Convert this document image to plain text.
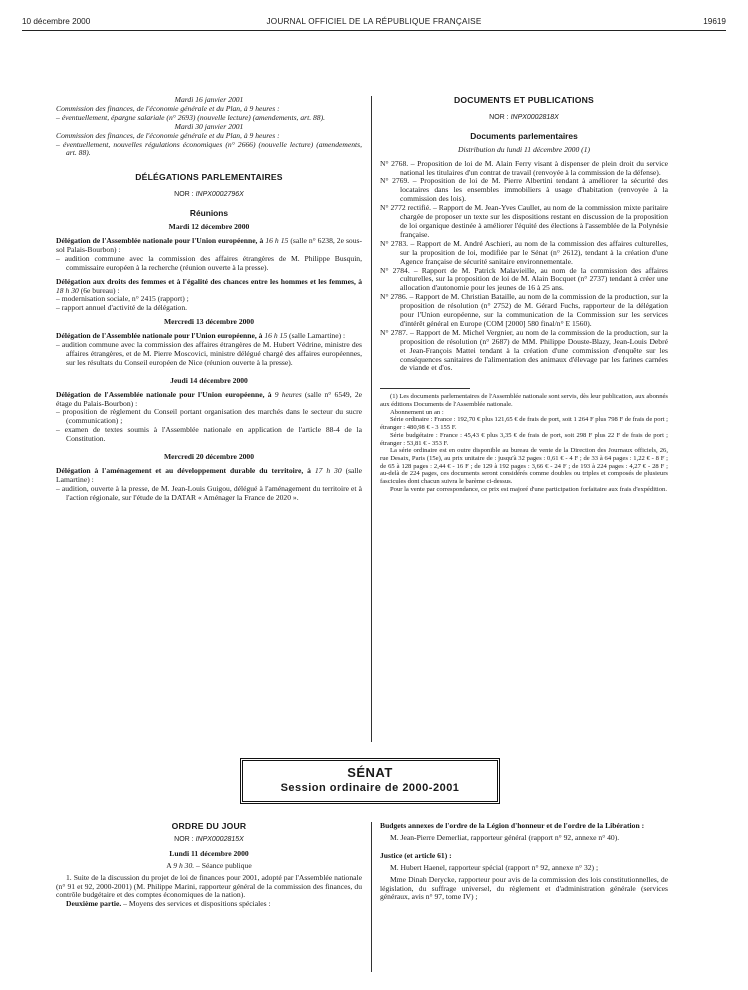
10 décembre 2000	JOURNAL OFFICIEL DE LA RÉPUBLIQUE FRANÇAISE	19619
Mardi 16 janvier 2001
Commission des finances, de l'économie générale et du Plan, à 9 heures :
– éventuellement, épargne salariale (n° 2693) (nouvelle lecture) (amendements, art. 88).
Mardi 30 janvier 2001
Commission des finances, de l'économie générale et du Plan, à 9 heures :
– éventuellement, nouvelles régulations économiques (n° 2666) (nouvelle lecture) (amendements, art. 88).
DÉLÉGATIONS PARLEMENTAIRES
NOR : INPX0002796X
Réunions
Mardi 12 décembre 2000
Délégation de l'Assemblée nationale pour l'Union européenne, à 16 h 15 (salle n° 6238, 2e sous-sol Palais-Bourbon) :
– audition commune avec la commission des affaires étrangères de M. Philippe Busquin, commissaire européen à la recherche (réunion ouverte à la presse).
Délégation aux droits des femmes et à l'égalité des chances entre les hommes et les femmes, à 18 h 30 (6e bureau) :
– modernisation sociale, n° 2415 (rapport) ;
– rapport annuel d'activité de la délégation.
Mercredi 13 décembre 2000
Délégation de l'Assemblée nationale pour l'Union européenne, à 16 h 15 (salle Lamartine) :
– audition commune avec la commission des affaires étrangères de M. Hubert Védrine, ministre des affaires étrangères, et de M. Pierre Moscovici, ministre délégué chargé des affaires européennes, sur les résultats du Conseil européen de Nice (réunion ouverte à la presse).
Jeudi 14 décembre 2000
Délégation de l'Assemblée nationale pour l'Union européenne, à 9 heures (salle n° 6549, 2e étage du Palais-Bourbon) :
– proposition de règlement du Conseil portant organisation des marchés dans le secteur du sucre (communication) ;
– examen de textes soumis à l'Assemblée nationale en application de l'article 88-4 de la Constitution.
Mercredi 20 décembre 2000
Délégation à l'aménagement et au développement durable du territoire, à 17 h 30 (salle Lamartine) :
– audition, ouverte à la presse, de M. Jean-Louis Guigou, délégué à l'aménagement du territoire et à l'action régionale, sur l'étude de la DATAR « Aménager la France de 2020 ».
DOCUMENTS ET PUBLICATIONS
NOR : INPX0002818X
Documents parlementaires
Distribution du lundi 11 décembre 2000 (1)
N° 2768. – Proposition de loi de M. Alain Ferry visant à dispenser de plein droit du service national les titulaires d'un contrat de travail (renvoyée à la commission de la défense).
N° 2769. – Proposition de loi de M. Pierre Albertini tendant à améliorer la sécurité des locataires dans les ensembles immobiliers à usage d'habitation (renvoyée à la commission des lois).
N° 2772 rectifié. – Rapport de M. Jean-Yves Caullet, au nom de la commission mixte paritaire chargée de proposer un texte sur les dispositions restant en discussion de la proposition de loi organique destinée à améliorer l'équité des élections à l'assemblée de la Polynésie française.
N° 2783. – Rapport de M. André Aschieri, au nom de la commission des affaires culturelles, sur la proposition de loi, modifiée par le Sénat (n° 2612), tendant à la création d'une Agence française de sécurité sanitaire environnementale.
N° 2784. – Rapport de M. Patrick Malavieille, au nom de la commission des affaires culturelles, sur la proposition de loi de M. Alain Bocquet (n° 2737) tendant à créer une allocation d'autonomie pour les jeunes de 16 à 25 ans.
N° 2786. – Rapport de M. Christian Bataille, au nom de la commission de la production, sur la proposition de résolution (n° 2752) de M. Gérard Fuchs, rapporteur de la délégation pour l'Union européenne, sur la communication de la Commission sur les services d'intérêt général en Europe (COM [2000] 580 final/n° E 1560).
N° 2787. – Rapport de M. Michel Vergnier, au nom de la commission de la production, sur la proposition de résolution (n° 2687) de MM. Philippe Douste-Blazy, Jean-Louis Debré et Jean-François Mattei tendant à la création d'une commission d'enquête sur les conséquences sanitaires de l'alimentation des animaux d'élevage par les farines carnées de viande et d'os.
(1) Les documents parlementaires de l'Assemblée nationale sont servis, dès leur publication, aux abonnés aux éditions Documents de l'Assemblée nationale.
Abonnement un an :
Série ordinaire : France : 192,70 € plus 121,65 € de frais de port, soit 1 264 F plus 798 F de frais de port ; étranger : 480,98 € - 3 155 F.
Série budgétaire : France : 45,43 € plus 3,35 € de frais de port, soit 298 F plus 22 F de frais de port ; étranger : 53,81 € - 353 F.
La série ordinaire est en outre disponible au bureau de vente de la Direction des Journaux officiels, 26, rue Desaix, Paris (15e), au prix unitaire de : jusqu'à 32 pages : 0,61 € - 4 F ; de 33 à 64 pages : 1,22 € - 8 F ; de 65 à 128 pages : 2,44 € - 16 F ; de 129 à 192 pages : 3,66 € - 24 F ; de 193 à 224 pages : 4,27 € - 28 F ; au-delà de 224 pages, ces documents seront considérés comme doubles ou triples et composés de plusieurs fascicules dont chacun suivra le barème ci-dessus.
Pour la vente par correspondance, ce prix est majoré d'une participation forfaitaire aux frais d'expédition.
SÉNAT
Session ordinaire de 2000-2001
ORDRE DU JOUR
NOR : INPX0002815X
Lundi 11 décembre 2000
A 9 h 30. – Séance publique
1. Suite de la discussion du projet de loi de finances pour 2001, adopté par l'Assemblée nationale (n° 91 et 92, 2000-2001) (M. Philippe Marini, rapporteur général de la commission des finances, du contrôle budgétaire et des comptes économiques de la nation).
Deuxième partie. – Moyens des services et dispositions spéciales :
Budgets annexes de l'ordre de la Légion d'honneur et de l'ordre de la Libération :
M. Jean-Pierre Demerliat, rapporteur général (rapport n° 92, annexe n° 40).
Justice (et article 61) :
M. Hubert Haenel, rapporteur spécial (rapport n° 92, annexe n° 32) ;
Mme Dinah Derycke, rapporteur pour avis de la commission des lois constitutionnelles, de législation, du suffrage universel, du règlement et d'administration générale (services généraux, avis n° 97, tome IV) ;
